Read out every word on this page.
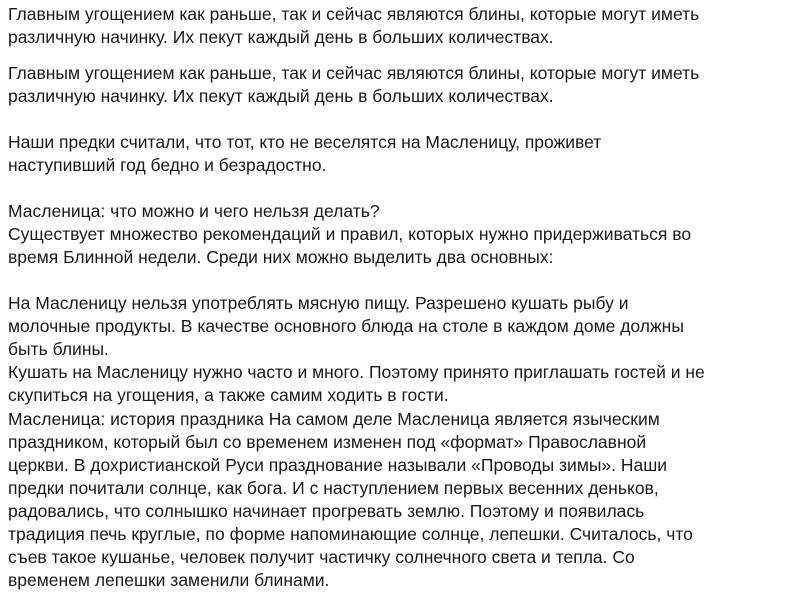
Главным угощением как раньше, так и сейчас являются блины, которые могут иметь
различную начинку. Их пекут каждый день в больших количествах.
Главным угощением как раньше, так и сейчас являются блины, которые могут иметь
различную начинку. Их пекут каждый день в больших количествах.
Наши предки считали, что тот, кто не веселятся на Масленицу, проживет
наступивший год бедно и безрадостно.
Масленица: что можно и чего нельзя делать?
Существует множество рекомендаций и правил, которых нужно придерживаться во
время Блинной недели. Среди них можно выделить два основных:
На Масленицу нельзя употреблять мясную пищу. Разрешено кушать рыбу и
молочные продукты. В качестве основного блюда на столе в каждом доме должны
быть блины.
Кушать на Масленицу нужно часто и много. Поэтому принято приглашать гостей и не
скупиться на угощения, а также самим ходить в гости.
Масленица: история праздника На самом деле Масленица является языческим
праздником, который был со временем изменен под «формат» Православной
церкви. В дохристианской Руси празднование называли «Проводы зимы». Наши
предки почитали солнце, как бога. И с наступлением первых весенних деньков,
радовались, что солнышко начинает прогревать землю. Поэтому и появилась
традиция печь круглые, по форме напоминающие солнце, лепешки. Считалось, что
съев такое кушанье, человек получит частичку солнечного света и тепла. Со
временем лепешки заменили блинами.
